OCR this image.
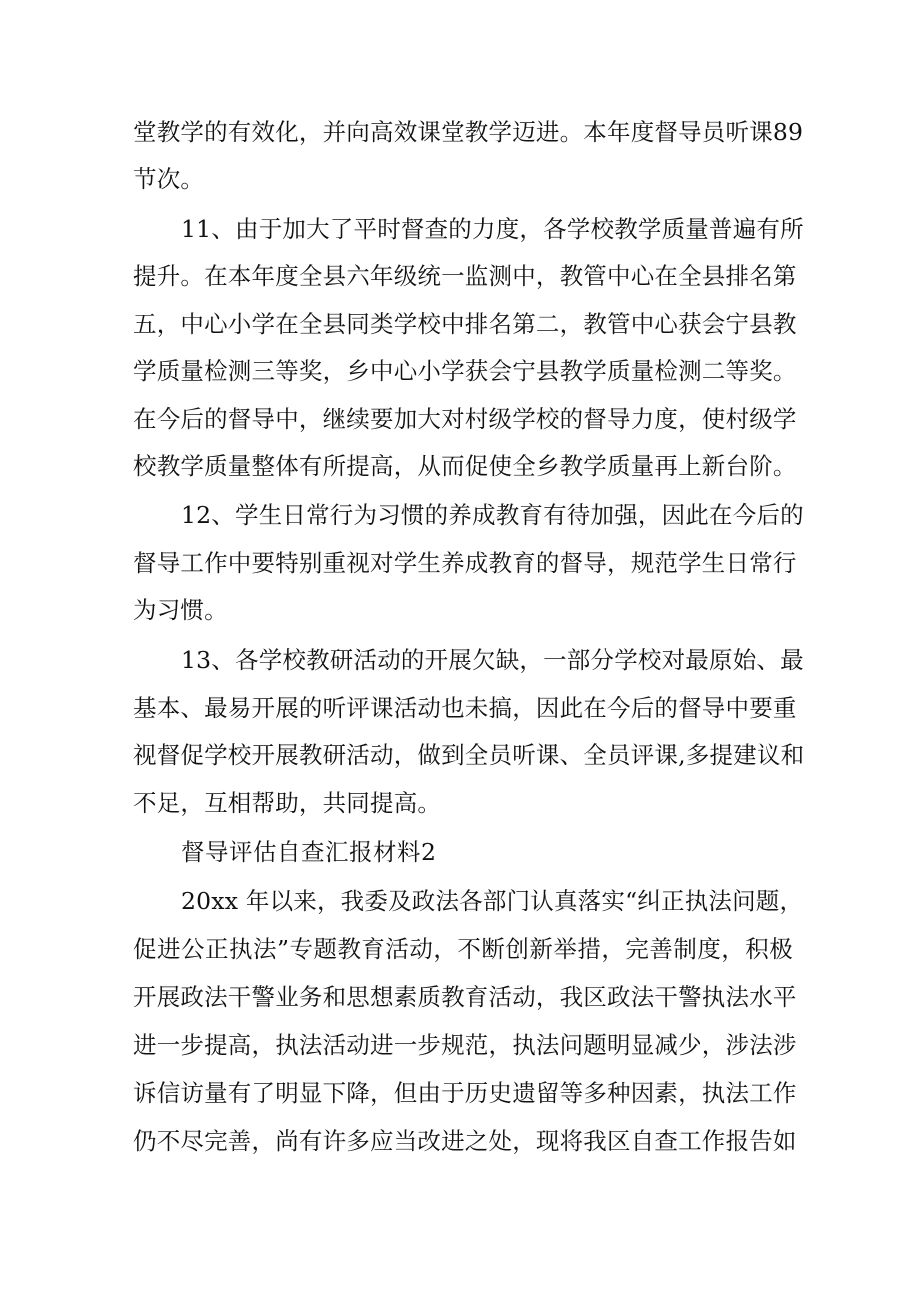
堂教学的有效化，并向高效课堂教学迈进。本年度督导员听课89
节次。
11、由于加大了平时督查的力度，各学校教学质量普遍有所
提升。在本年度全县六年级统一监测中，教管中心在全县排名第
五，中心小学在全县同类学校中排名第二，教管中心获会宁县教
学质量检测三等奖，乡中心小学获会宁县教学质量检测二等奖。
在今后的督导中，继续要加大对村级学校的督导力度，使村级学
校教学质量整体有所提高，从而促使全乡教学质量再上新台阶。
12、学生日常行为习惯的养成教育有待加强，因此在今后的
督导工作中要特别重视对学生养成教育的督导，规范学生日常行
为习惯。
13、各学校教研活动的开展欠缺，一部分学校对最原始、最
基本、最易开展的听评课活动也未搞，因此在今后的督导中要重
视督促学校开展教研活动，做到全员听课、全员评课,多提建议和
不足，互相帮助，共同提高。
督导评估自查汇报材料2
20xx 年以来，我委及政法各部门认真落实“纠正执法问题，
促进公正执法”专题教育活动，不断创新举措，完善制度，积极
开展政法干警业务和思想素质教育活动，我区政法干警执法水平
进一步提高，执法活动进一步规范，执法问题明显减少，涉法涉
诉信访量有了明显下降，但由于历史遗留等多种因素，执法工作
仍不尽完善，尚有许多应当改进之处，现将我区自查工作报告如
